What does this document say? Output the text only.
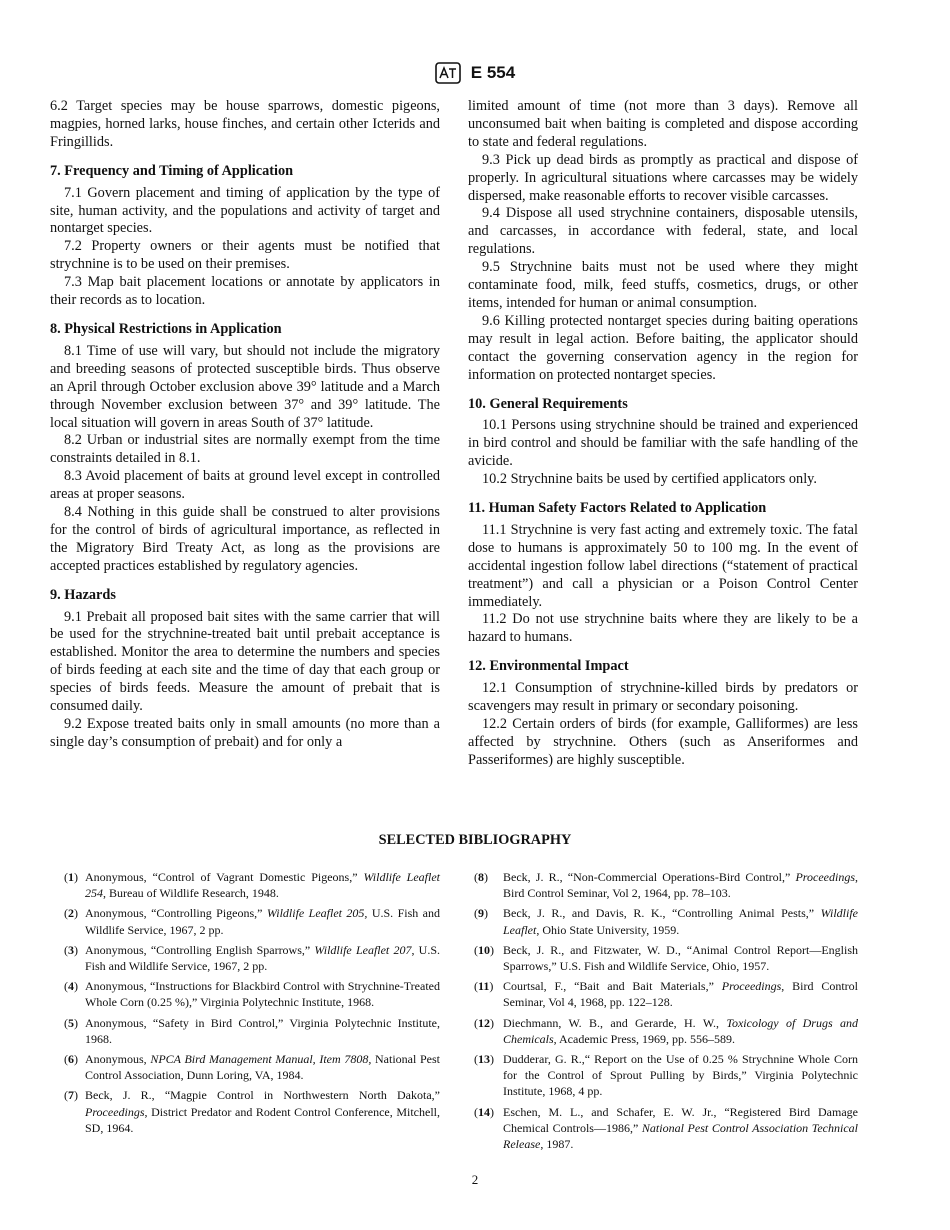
E 554

6.2 Target species may be house sparrows, domestic pigeons, magpies, horned larks, house finches, and certain other Icterids and Fringillids.

7. Frequency and Timing of Application

7.1 Govern placement and timing of application by the type of site, human activity, and the populations and activity of target and nontarget species.

7.2 Property owners or their agents must be notified that strychnine is to be used on their premises.

7.3 Map bait placement locations or annotate by applicators in their records as to location.

8. Physical Restrictions in Application

8.1 Time of use will vary, but should not include the migratory and breeding seasons of protected susceptible birds. Thus observe an April through October exclusion above 39° latitude and a March through November exclusion between 37° and 39° latitude. The local situation will govern in areas South of 37° latitude.

8.2 Urban or industrial sites are normally exempt from the time constraints detailed in 8.1.

8.3 Avoid placement of baits at ground level except in controlled areas at proper seasons.

8.4 Nothing in this guide shall be construed to alter provisions for the control of birds of agricultural importance, as reflected in the Migratory Bird Treaty Act, as long as the provisions are accepted practices established by regulatory agencies.

9. Hazards

9.1 Prebait all proposed bait sites with the same carrier that will be used for the strychnine-treated bait until prebait acceptance is established. Monitor the area to determine the numbers and species of birds feeding at each site and the time of day that each group or species of birds feeds. Measure the amount of prebait that is consumed daily.

9.2 Expose treated baits only in small amounts (no more than a single day’s consumption of prebait) and for only a

limited amount of time (not more than 3 days). Remove all unconsumed bait when baiting is completed and dispose according to state and federal regulations.

9.3 Pick up dead birds as promptly as practical and dispose of properly. In agricultural situations where carcasses may be widely dispersed, make reasonable efforts to recover visible carcasses.

9.4 Dispose all used strychnine containers, disposable utensils, and carcasses, in accordance with federal, state, and local regulations.

9.5 Strychnine baits must not be used where they might contaminate food, milk, feed stuffs, cosmetics, drugs, or other items, intended for human or animal consumption.

9.6 Killing protected nontarget species during baiting operations may result in legal action. Before baiting, the applicator should contact the governing conservation agency in the region for information on protected nontarget species.

10. General Requirements

10.1 Persons using strychnine should be trained and experienced in bird control and should be familiar with the safe handling of the avicide.

10.2 Strychnine baits be used by certified applicators only.

11. Human Safety Factors Related to Application

11.1 Strychnine is very fast acting and extremely toxic. The fatal dose to humans is approximately 50 to 100 mg. In the event of accidental ingestion follow label directions (“statement of practical treatment”) and call a physician or a Poison Control Center immediately.

11.2 Do not use strychnine baits where they are likely to be a hazard to humans.

12. Environmental Impact

12.1 Consumption of strychnine-killed birds by predators or scavengers may result in primary or secondary poisoning.

12.2 Certain orders of birds (for example, Galliformes) are less affected by strychnine. Others (such as Anseriformes and Passeriformes) are highly susceptible.

SELECTED BIBLIOGRAPHY
(1) Anonymous, “Control of Vagrant Domestic Pigeons,” Wildlife Leaflet 254, Bureau of Wildlife Research, 1948.
(2) Anonymous, “Controlling Pigeons,” Wildlife Leaflet 205, U.S. Fish and Wildlife Service, 1967, 2 pp.
(3) Anonymous, “Controlling English Sparrows,” Wildlife Leaflet 207, U.S. Fish and Wildlife Service, 1967, 2 pp.
(4) Anonymous, “Instructions for Blackbird Control with Strychnine-Treated Whole Corn (0.25 %),” Virginia Polytechnic Institute, 1968.
(5) Anonymous, “Safety in Bird Control,” Virginia Polytechnic Institute, 1968.
(6) Anonymous, NPCA Bird Management Manual, Item 7808, National Pest Control Association, Dunn Loring, VA, 1984.
(7) Beck, J. R., “Magpie Control in Northwestern North Dakota,” Proceedings, District Predator and Rodent Control Conference, Mitchell, SD, 1964.
(8) Beck, J. R., “Non-Commercial Operations-Bird Control,” Proceedings, Bird Control Seminar, Vol 2, 1964, pp. 78–103.
(9) Beck, J. R., and Davis, R. K., “Controlling Animal Pests,” Wildlife Leaflet, Ohio State University, 1959.
(10) Beck, J. R., and Fitzwater, W. D., “Animal Control Report—English Sparrows,” U.S. Fish and Wildlife Service, Ohio, 1957.
(11) Courtsal, F., “Bait and Bait Materials,” Proceedings, Bird Control Seminar, Vol 4, 1968, pp. 122–128.
(12) Diechmann, W. B., and Gerarde, H. W., Toxicology of Drugs and Chemicals, Academic Press, 1969, pp. 556–589.
(13) Dudderar, G. R.,“ Report on the Use of 0.25 % Strychnine Whole Corn for the Control of Sprout Pulling by Birds,” Virginia Polytechnic Institute, 1968, 4 pp.
(14) Eschen, M. L., and Schafer, E. W. Jr., “Registered Bird Damage Chemical Controls—1986,” National Pest Control Association Technical Release, 1987.
2
